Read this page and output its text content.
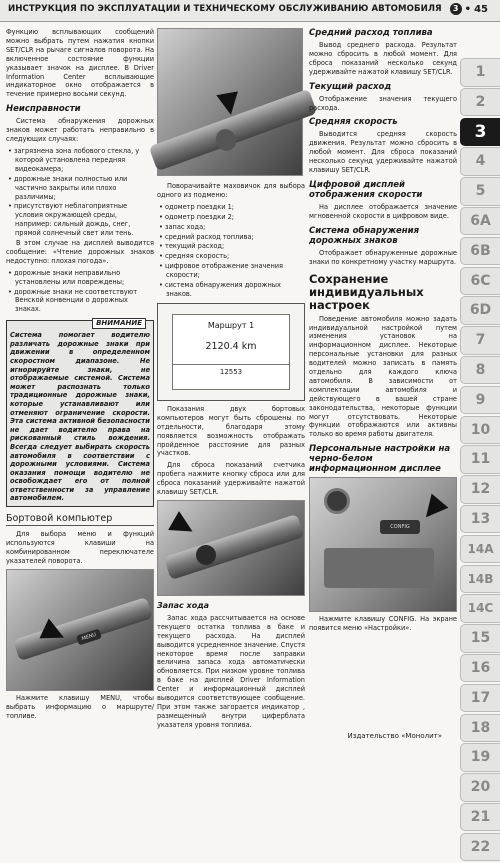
ИНСТРУКЦИЯ ПО ЭКСПЛУАТАЦИИ И ТЕХНИЧЕСКОМУ ОБСЛУЖИВАНИЮ АВТОМОБИЛЯ	3 • 45

Функцию всплывающих сообщений можно выбрать путем нажатия кнопки SET/CLR на рычаге сигналов поворота. На включенное состояние функции указывает значок на дисплее. В Driver Information Center всплывающие индикаторное окно отображается в течение примерно восьми секунд.

Неисправности

Система обнаружения дорожных знаков может работать неправильно в следующих случаях:

• загрязнена зона лобового стекла, у которой установлена передняя видеокамера;
• дорожные знаки полностью или частично закрыты или плохо различимы;
• присутствуют неблагоприятные условия окружающей среды, например: сильный дождь, снег, прямой солнечный свет или тень.

В этом случае на дисплей выводится сообщение: «Чтение дорожных знаков недоступно: плохая погода».

• дорожные знаки неправильно установлены или повреждены;
• дорожные знаки не соответствуют Венской конвенции о дорожных знаках.
ВНИМАНИЕ

Система помогает водителю различать дорожные знаки при движении в определенном скоростном диапазоне. Не игнорируйте знаки, не отображаемые системой. Система может распознать только традиционные дорожные знаки, которые устанавливают или отменяют ограничение скорости. Эта система активной безопасности не дает водителю права на рискованный стиль вождения. Всегда следует выбирать скорость автомобиля в соответствии с дорожными условиями. Система оказания помощи водителю не освобождает его от полной ответственности за управление автомобилем.

Бортовой компьютер

Для выбора меню и функций используются клавиши на комбинированном переключателе указателей поворота.

MENU

Нажмите клавишу MENU, чтобы выбрать информацию о маршруте/топливе.

Поворачивайте маховичок для выбора одного из подменю:

• одометр поездки 1;
• одометр поездки 2;
• запас хода;
• средний расход топлива;
• текущий расход;
• средняя скорость;
• цифровое отображение значения скорости;
• система обнаружения дорожных знаков.
Маршрут 1
2120.4 km
12553

Показания двух бортовых компьютеров могут быть сброшены по отдельности, благодаря этому появляется возможность отображать пройденное расстояние для разных участков.

Для сброса показаний счетчика пробега нажмите кнопку сброса или для сброса показаний удерживайте нажатой клавишу SET/CLR.

Запас хода

Запас хода рассчитывается на основе текущего остатка топлива в баке и текущего расхода. На дисплей выводится усредненное значение. Спустя некоторое время после заправки величина запаса хода автоматически обновляется. При низком уровне топлива в баке на дисплей Driver Information Center и информационный дисплей выводится соответствующее сообщение. При этом также загорается индикатор , размещенный внутри циферблата указателя уровня топлива.

Средний расход топлива

Вывод среднего расхода. Результат можно сбросить в любой момент. Для сброса показаний несколько секунд удерживайте нажатой клавишу SET/CLR.

Текущий расход

Отображение значения текущего расхода.

Средняя скорость

Выводится средняя скорость движения. Результат можно сбросить в любой момент. Для сброса показаний несколько секунд удерживайте нажатой клавишу SET/CLR.

Цифровой дисплей отображения скорости

На дисплее отображается значение мгновенной скорости в цифровом виде.

Система обнаружения дорожных знаков

Отображает обнаруженные дорожные знаки по конкретному участку маршрута.

Сохранение индивидуальных настроек

Поведение автомобиля можно задать индивидуальной настройкой путем изменения установок на информационном дисплее. Некоторые персональные установки для разных водителей можно записать в память отдельно для каждого ключа автомобиля. В зависимости от комплектации автомобиля и действующего в вашей стране законодательства, некоторые функции могут отсутствовать. Некоторые функции отображаются или активны только во время работы двигателя.

Персональные настройки на черно-белом информационном дисплее
CONFIG

Нажмите клавишу CONFIG. На экране появится меню «Настройки».

1
2
3
4
5
6A
6B
6C
6D
7
8
9
10
11
12
13
14A
14B
14C
15
16
17
18
19
20
21
22
Издательство «Монолит»
